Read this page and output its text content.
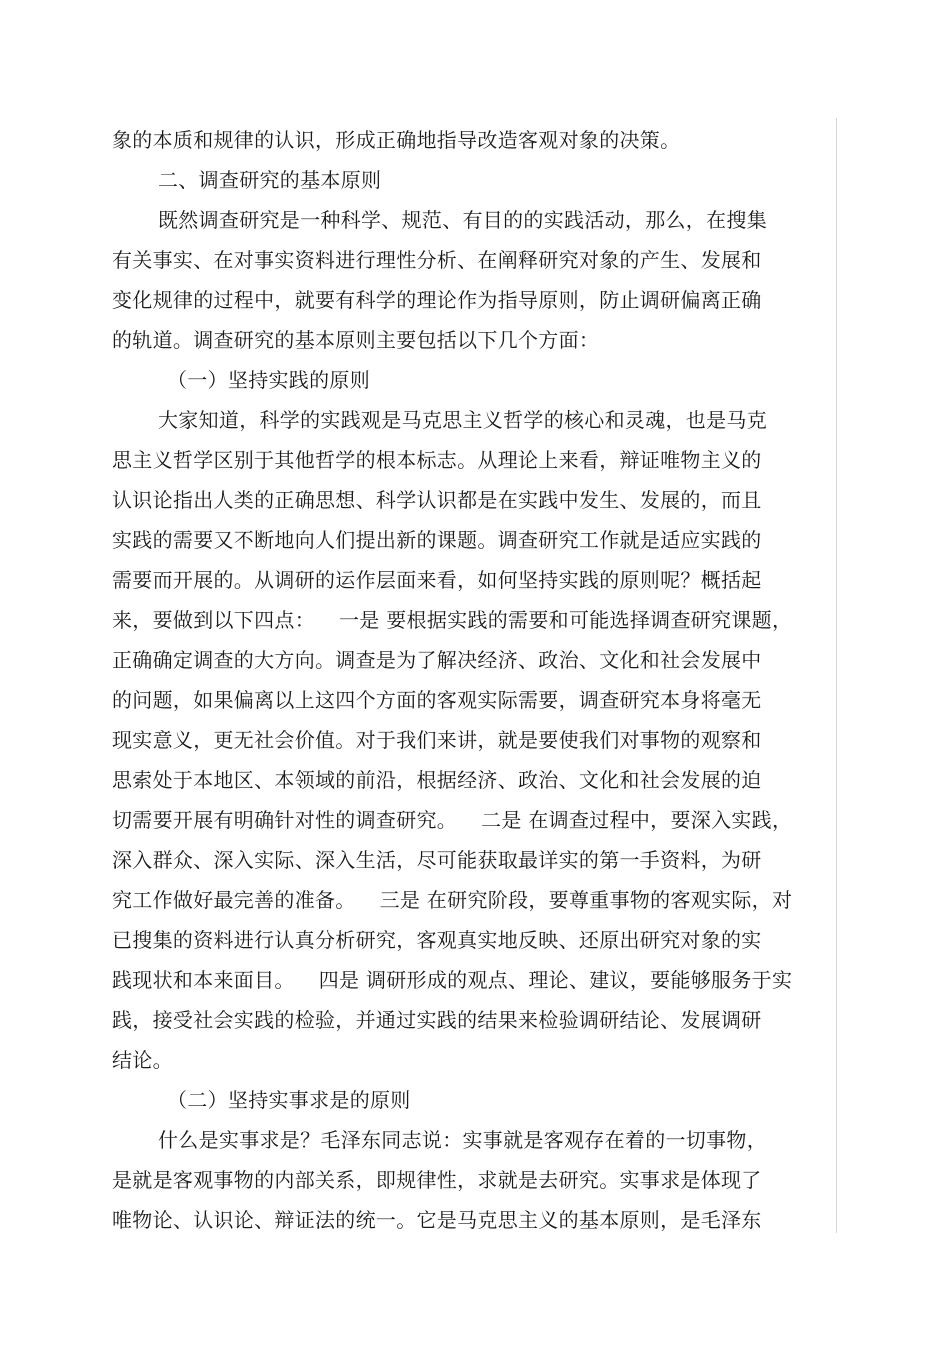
象的本质和规律的认识，形成正确地指导改造客观对象的决策。
二、调查研究的基本原则
既然调查研究是一种科学、规范、有目的的实践活动，那么，在搜集
有关事实、在对事实资料进行理性分析、在阐释研究对象的产生、发展和
变化规律的过程中，就要有科学的理论作为指导原则，防止调研偏离正确
的轨道。调查研究的基本原则主要包括以下几个方面：
（一）坚持实践的原则
大家知道，科学的实践观是马克思主义哲学的核心和灵魂，也是马克
思主义哲学区别于其他哲学的根本标志。从理论上来看，辩证唯物主义的
认识论指出人类的正确思想、科学认识都是在实践中发生、发展的，而且
实践的需要又不断地向人们提出新的课题。调查研究工作就是适应实践的
需要而开展的。从调研的运作层面来看，如何坚持实践的原则呢？概括起
来，要做到以下四点： 一是 要根据实践的需要和可能选择调查研究课题，
正确确定调查的大方向。调查是为了解决经济、政治、文化和社会发展中
的问题，如果偏离以上这四个方面的客观实际需要，调查研究本身将毫无
现实意义，更无社会价值。对于我们来讲，就是要使我们对事物的观察和
思索处于本地区、本领域的前沿，根据经济、政治、文化和社会发展的迫
切需要开展有明确针对性的调查研究。 二是 在调查过程中，要深入实践，
深入群众、深入实际、深入生活，尽可能获取最详实的第一手资料，为研
究工作做好最完善的准备。 三是 在研究阶段，要尊重事物的客观实际，对
已搜集的资料进行认真分析研究，客观真实地反映、还原出研究对象的实
践现状和本来面目。 四是 调研形成的观点、理论、建议，要能够服务于实
践，接受社会实践的检验，并通过实践的结果来检验调研结论、发展调研
结论。
（二）坚持实事求是的原则
什么是实事求是？毛泽东同志说：实事就是客观存在着的一切事物，
是就是客观事物的内部关系，即规律性，求就是去研究。实事求是体现了
唯物论、认识论、辩证法的统一。它是马克思主义的基本原则，是毛泽东
